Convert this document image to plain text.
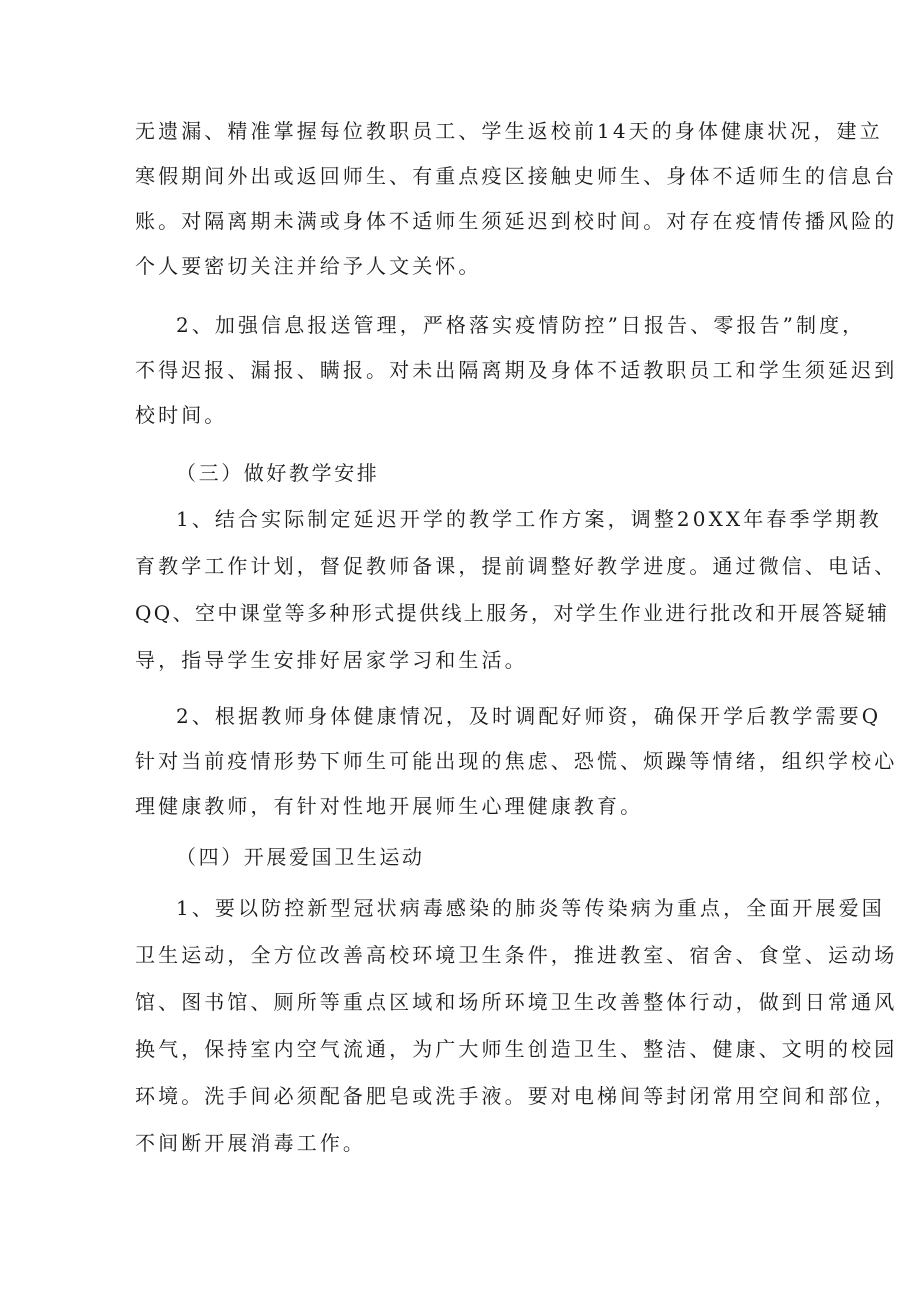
无遗漏、精准掌握每位教职员工、学生返校前14天的身体健康状况，建立
寒假期间外出或返回师生、有重点疫区接触史师生、身体不适师生的信息台
账。对隔离期未满或身体不适师生须延迟到校时间。对存在疫情传播风险的
个人要密切关注并给予人文关怀。
2、加强信息报送管理，严格落实疫情防控”日报告、零报告”制度，
不得迟报、漏报、瞒报。对未出隔离期及身体不适教职员工和学生须延迟到
校时间。
（三）做好教学安排
1、结合实际制定延迟开学的教学工作方案，调整20XX年春季学期教
育教学工作计划，督促教师备课，提前调整好教学进度。通过微信、电话、
QQ、空中课堂等多种形式提供线上服务，对学生作业进行批改和开展答疑辅
导，指导学生安排好居家学习和生活。
2、根据教师身体健康情况，及时调配好师资，确保开学后教学需要Q
针对当前疫情形势下师生可能出现的焦虑、恐慌、烦躁等情绪，组织学校心
理健康教师，有针对性地开展师生心理健康教育。
（四）开展爱国卫生运动
1、要以防控新型冠状病毒感染的肺炎等传染病为重点，全面开展爱国
卫生运动，全方位改善高校环境卫生条件，推进教室、宿舍、食堂、运动场
馆、图书馆、厕所等重点区域和场所环境卫生改善整体行动，做到日常通风
换气，保持室内空气流通，为广大师生创造卫生、整洁、健康、文明的校园
环境。洗手间必须配备肥皂或洗手液。要对电梯间等封闭常用空间和部位，
不间断开展消毒工作。
